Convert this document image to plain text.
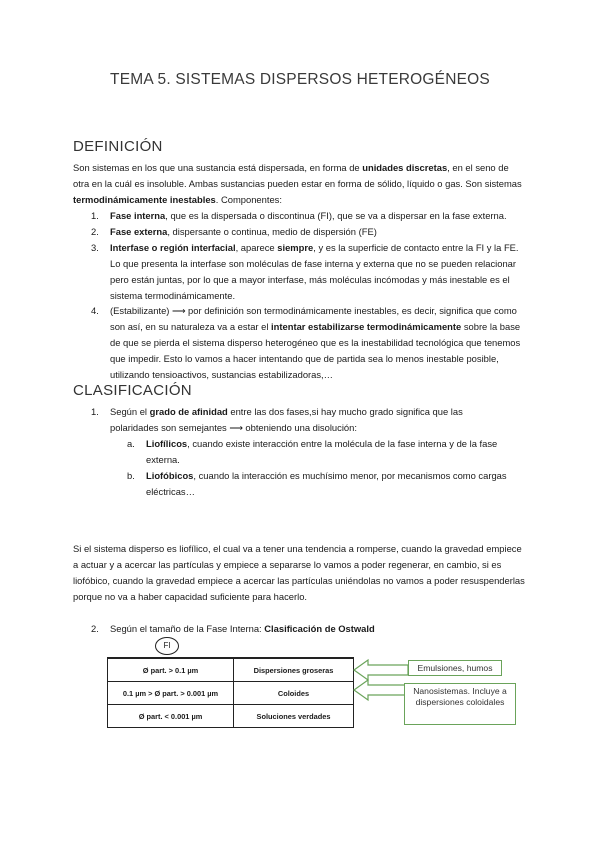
TEMA 5. SISTEMAS DISPERSOS HETEROGÉNEOS
DEFINICIÓN
Son sistemas en los que una sustancia está dispersada, en forma de unidades discretas, en el seno de otra en la cuál es insoluble. Ambas sustancias pueden estar en forma de sólido, líquido o gas. Son sistemas termodinámicamente inestables. Componentes:
1. Fase interna, que es la dispersada o discontinua (FI), que se va a dispersar en la fase externa.
2. Fase externa, dispersante o continua, medio de dispersión (FE)
3. Interfase o región interfacial, aparece siempre, y es la superficie de contacto entre la FI y la FE. Lo que presenta la interfase son moléculas de fase interna y externa que no se pueden relacionar pero están juntas, por lo que a mayor interfase, más moléculas incómodas y más inestable es el sistema termodinámicamente.
4. (Estabilizante) ⟶ por definición son termodinámicamente inestables, es decir, significa que como son así, en su naturaleza va a estar el intentar estabilizarse termodinámicamente sobre la base de que se pierda el sistema disperso heterogéneo que es la inestabilidad tecnológica que tenemos que impedir. Esto lo vamos a hacer intentando que de partida sea lo menos inestable posible, utilizando tensioactivos, sustancias estabilizadoras,…
CLASIFICACIÓN
1. Según el grado de afinidad entre las dos fases,si hay mucho grado significa que las polaridades son semejantes ⟶ obteniendo una disolución:
a. Liofílicos, cuando existe interacción entre la molécula de la fase interna y de la fase externa.
b. Liofóbicos, cuando la interacción es muchísimo menor, por mecanismos como cargas eléctricas…
Si el sistema disperso es liofílico, el cual va a tener una tendencia a romperse, cuando la gravedad empiece a actuar y a acercar las partículas y empiece a separarse lo vamos a poder regenerar, en cambio, si es liofóbico, cuando la gravedad empiece a acercar las partículas uniéndolas no vamos a poder resuspenderlas porque no va a haber capacidad suficiente para hacerlo.
2. Según el tamaño de la Fase Interna: Clasificación de Ostwald
FI
Ø part. > 0.1 µm	Dispersiones groseras
0.1 µm > Ø part. > 0.001 µm	Coloides
Ø part. < 0.001 µm	Soluciones verdades
Emulsiones, humos
Nanosistemas. Incluye a dispersiones coloidales
